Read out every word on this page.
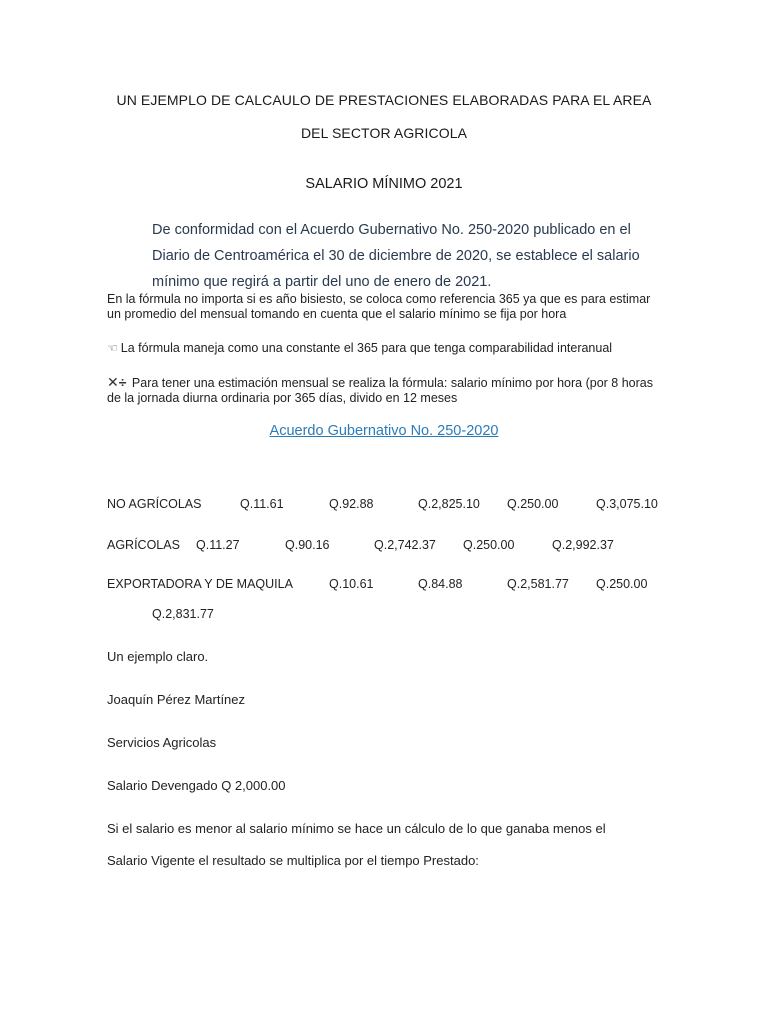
UN EJEMPLO DE CALCAULO DE PRESTACIONES ELABORADAS PARA EL AREA
DEL SECTOR AGRICOLA
SALARIO MÍNIMO 2021
De conformidad con el Acuerdo Gubernativo No. 250-2020 publicado en el Diario de Centroamérica el 30 de diciembre de 2020, se establece el salario mínimo que regirá a partir del uno de enero de 2021.
En la fórmula no importa si es año bisiesto, se coloca como referencia 365 ya que es para estimar un promedio del mensual tomando en cuenta que el salario mínimo se fija por hora
☜ La fórmula maneja como una constante el 365 para que tenga comparabilidad interanual
✕÷ Para tener una estimación mensual se realiza la fórmula: salario mínimo por hora (por 8 horas de la jornada diurna ordinaria por 365 días, divido en 12 meses
Acuerdo Gubernativo No. 250-2020
NO AGRÍCOLAS	Q.11.61	Q.92.88	Q.2,825.10 Q.250.00	Q.3,075.10
AGRÍCOLAS Q.11.27	Q.90.16	Q.2,742.37 Q.250.00	Q.2,992.37
EXPORTADORA Y DE MAQUILA	Q.10.61	Q.84.88	Q.2,581.77 Q.250.00
Q.2,831.77
Un ejemplo claro.
Joaquín Pérez Martínez
Servicios Agricolas
Salario Devengado Q 2,000.00
Si el salario es menor al salario mínimo se hace un cálculo de lo que ganaba menos el
Salario Vigente el resultado se multiplica por el tiempo Prestado:
